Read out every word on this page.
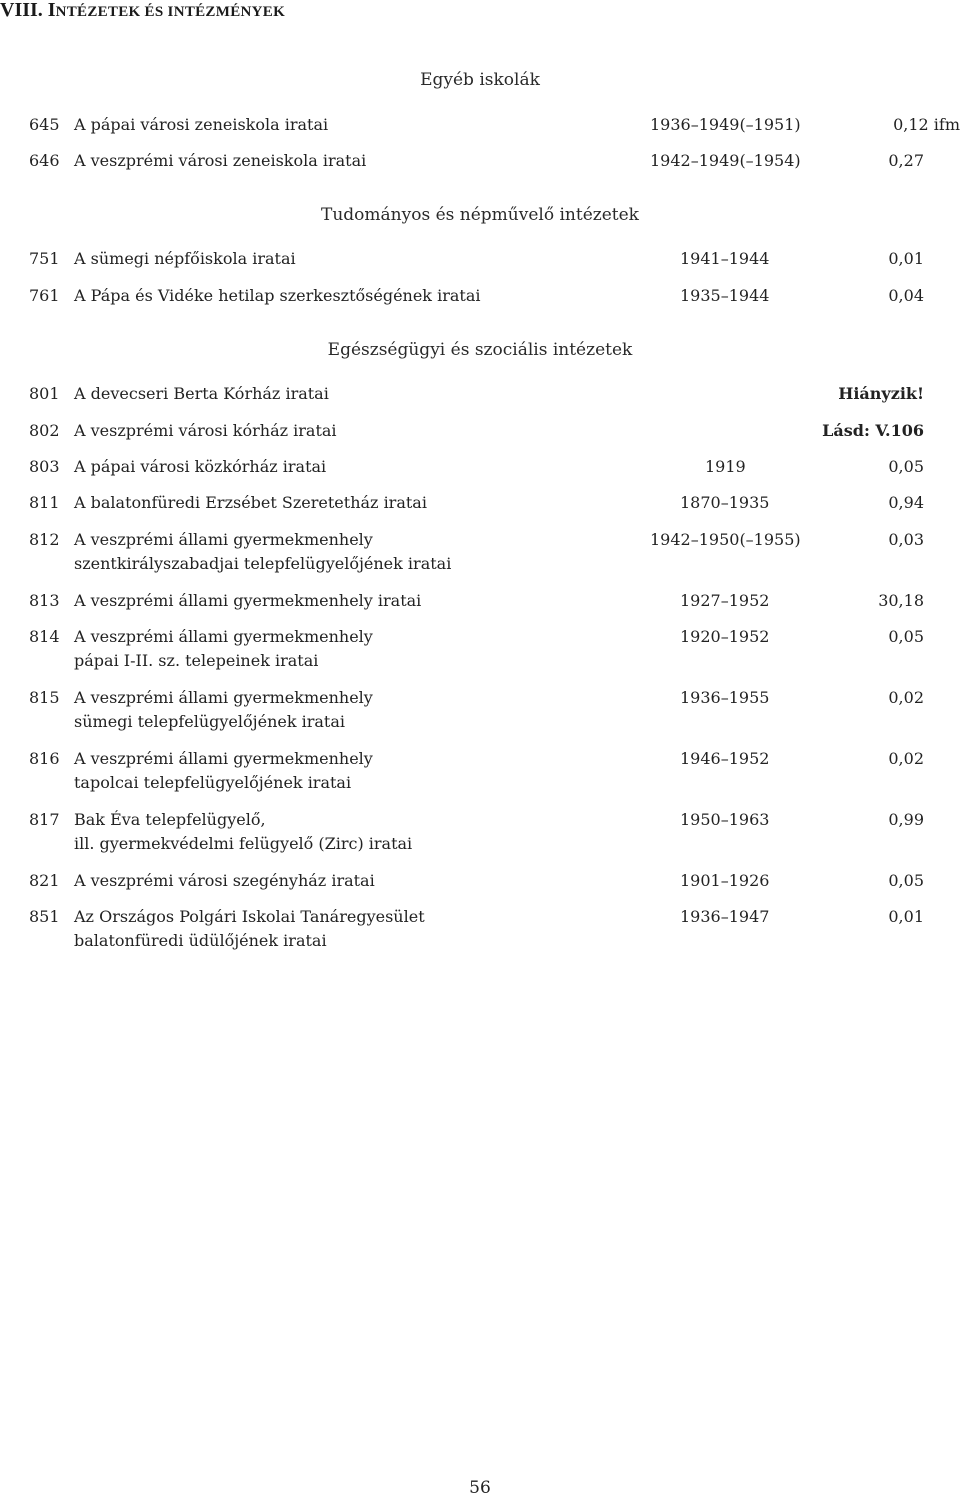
VIII. INTÉZETEK ÉS INTÉZMÉNYEK
Egyéb iskolák
645 A pápai városi zeneiskola iratai	1936–1949(–1951)	0,12 ifm
646 A veszprémi városi zeneiskola iratai	1942–1949(–1954)	0,27
Tudományos és népművelő intézetek
751 A sümegi népfőiskola iratai	1941–1944	0,01
761 A Pápa és Vidéke hetilap szerkesztőségének iratai	1935–1944	0,04
Egészségügyi és szociális intézetek
801 A devecseri Berta Kórház iratai	Hiányzik!
802 A veszprémi városi kórház iratai	Lásd: V.106
803 A pápai városi közkórház iratai	1919	0,05
811 A balatonfüredi Erzsébet Szeretetház iratai	1870–1935	0,94
812 A veszprémi állami gyermekmenhely
szentkirályszabadjai telepfelügyelőjének iratai
1942–1950(–1955)	0,03
813 A veszprémi állami gyermekmenhely iratai	1927–1952	30,18
814 A veszprémi állami gyermekmenhely
pápai I-II. sz. telepeinek iratai
1920–1952	0,05
815 A veszprémi állami gyermekmenhely
sümegi telepfelügyelőjének iratai
1936–1955	0,02
816 A veszprémi állami gyermekmenhely
tapolcai telepfelügyelőjének iratai
1946–1952	0,02
817 Bak Éva telepfelügyelő,
ill. gyermekvédelmi felügyelő (Zirc) iratai
1950–1963	0,99
821 A veszprémi városi szegényház iratai	1901–1926	0,05
851 Az Országos Polgári Iskolai Tanáregyesület
balatonfüredi üdülőjének iratai
1936–1947	0,01
56
